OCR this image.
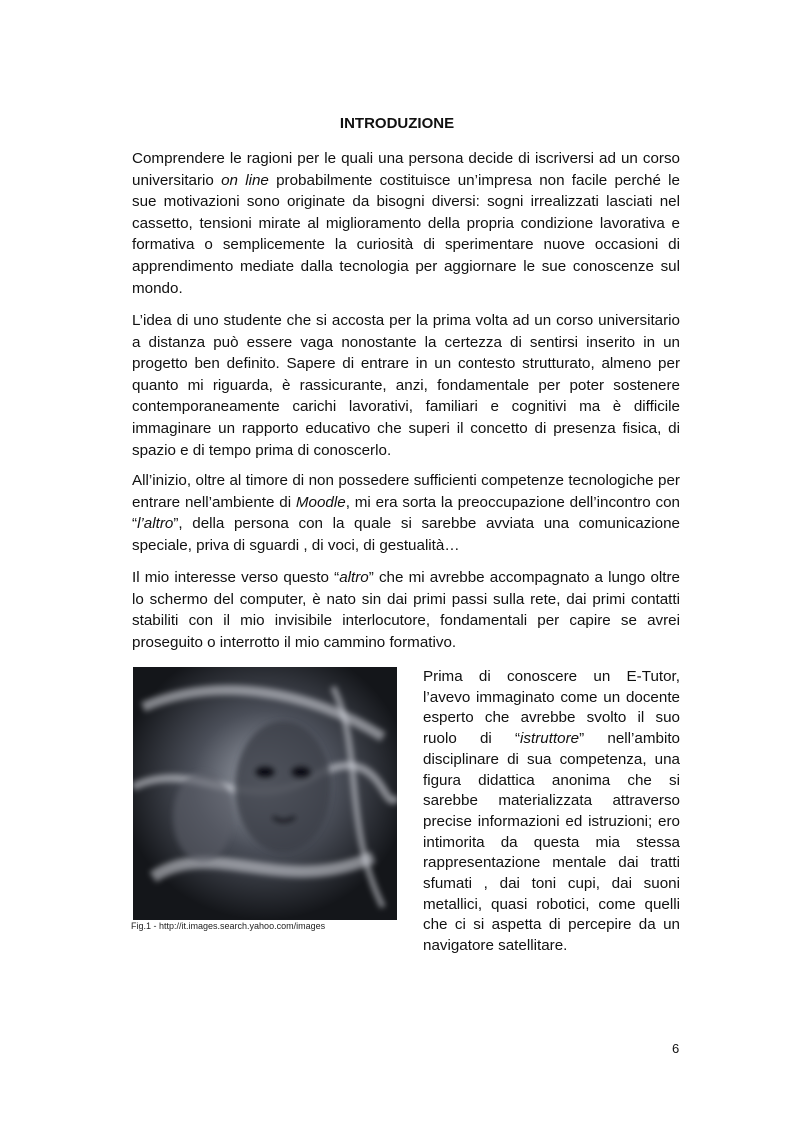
INTRODUZIONE

Comprendere le ragioni per le quali una persona decide di iscriversi ad un corso universitario on line probabilmente costituisce un’impresa non facile perché le sue motivazioni sono originate da bisogni diversi: sogni irrealizzati lasciati nel cassetto, tensioni mirate al miglioramento della propria condizione lavorativa e formativa o semplicemente la curiosità di sperimentare nuove occasioni di apprendimento mediate dalla tecnologia per aggiornare le sue conoscenze sul mondo.

L’idea di uno studente che si accosta per la prima volta ad un corso universitario a distanza può essere vaga nonostante la certezza di sentirsi inserito in un progetto ben definito. Sapere di entrare in un contesto strutturato, almeno per quanto mi riguarda, è rassicurante, anzi, fondamentale per poter sostenere contemporaneamente carichi lavorativi, familiari e cognitivi ma è difficile immaginare un rapporto educativo che superi il concetto di presenza fisica, di spazio e di tempo prima di conoscerlo.

All’inizio, oltre al timore di non possedere sufficienti competenze tecnologiche per entrare nell’ambiente di Moodle, mi era sorta la preoccupazione dell’incontro con “l’altro”, della persona con la quale si sarebbe avviata una comunicazione speciale, priva di sguardi , di voci, di gestualità…

Il mio interesse verso questo “altro” che mi avrebbe accompagnato a lungo oltre lo schermo del computer, è nato sin dai primi passi sulla rete, dai primi contatti stabiliti con il mio invisibile interlocutore, fondamentali per capire se avrei proseguito o interrotto il mio cammino formativo.

Fig.1 - http://it.images.search.yahoo.com/images

Prima di conoscere un E-Tutor, l’avevo immaginato come un docente esperto che avrebbe svolto il suo ruolo di “istruttore” nell’ambito disciplinare di sua competenza, una figura didattica anonima che si sarebbe materializzata attraverso precise informazioni ed istruzioni; ero intimorita da questa mia stessa rappresentazione mentale dai tratti sfumati , dai toni cupi, dai suoni metallici, quasi robotici, come quelli che ci si aspetta di percepire da un navigatore satellitare.

6
